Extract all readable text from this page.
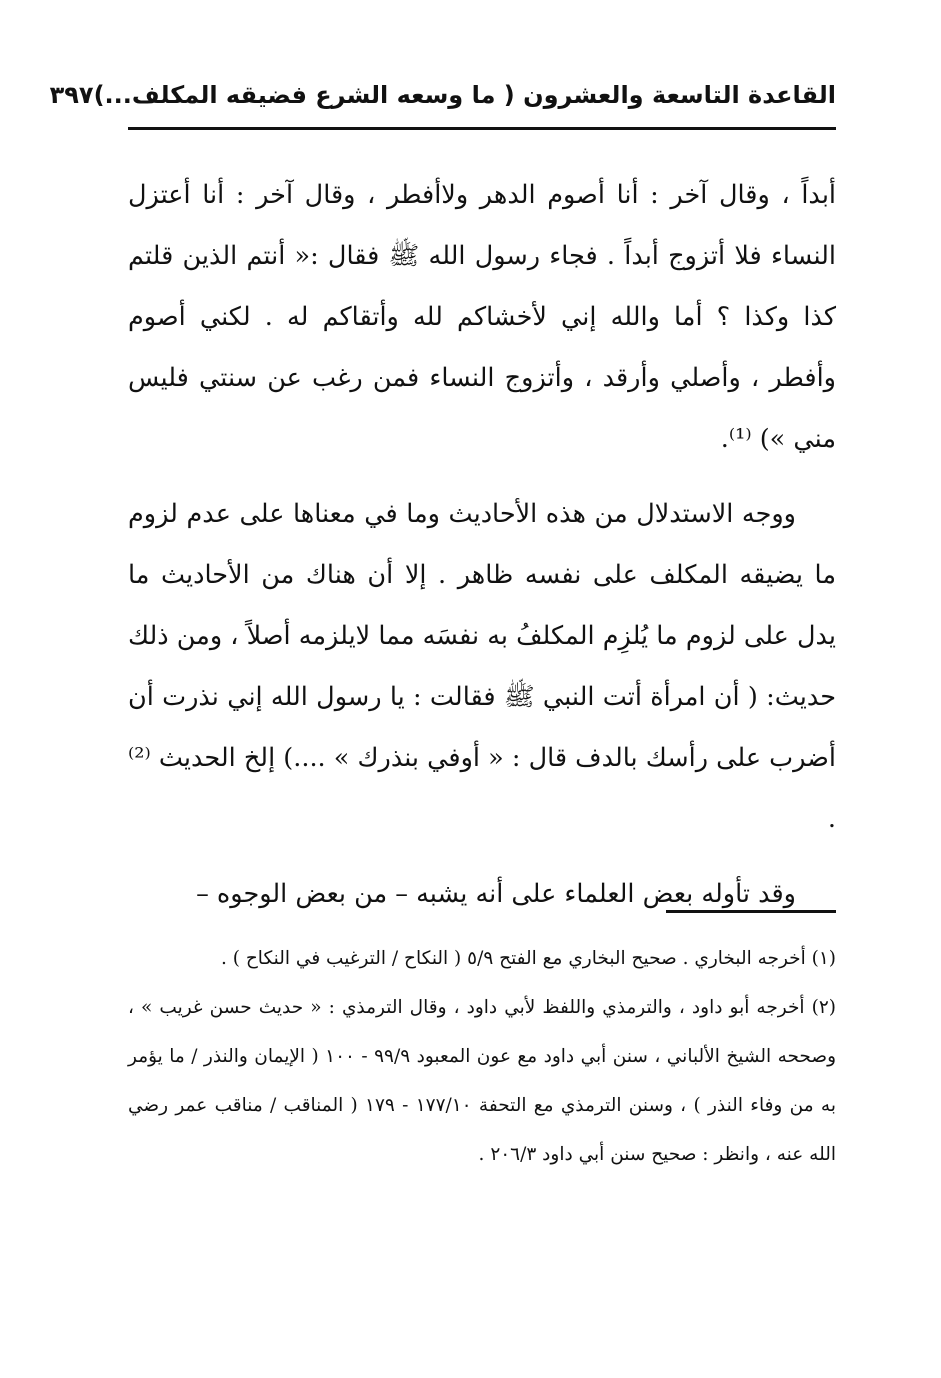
القاعدة التاسعة والعشرون ( ما وسعه الشرع فضيقه المكلف...)
٣٩٧

أبداً ، وقال آخر : أنا أصوم الدهر ولاأفطر ، وقال آخر : أنا أعتزل النساء فلا أتزوج أبداً . فجاء رسول الله ﷺ فقال :« أنتم الذين قلتم كذا وكذا ؟ أما والله إني لأخشاكم لله وأتقاكم له . لكني أصوم وأفطر ، وأصلي وأرقد ، وأتزوج النساء فمن رغب عن سنتي فليس مني ») ⁽¹⁾.

ووجه الاستدلال من هذه الأحاديث وما في معناها على عدم لزوم ما يضيقه المكلف على نفسه ظاهر . إلا أن هناك من الأحاديث ما يدل على لزوم ما يُلزِم المكلفُ به نفسَه مما لايلزمه أصلاً ، ومن ذلك حديث: ( أن امرأة أتت النبي ﷺ فقالت : يا رسول الله إني نذرت أن أضرب على رأسك بالدف قال : « أوفي بنذرك » ....) إلخ الحديث ⁽²⁾ .

وقد تأوله بعض العلماء على أنه يشبه – من بعض الوجوه –

(١) أخرجه البخاري . صحيح البخاري مع الفتح ٥/٩ ( النكاح / الترغيب في النكاح ) .

(٢) أخرجه أبو داود ، والترمذي واللفظ لأبي داود ، وقال الترمذي : « حديث حسن غريب » ، وصححه الشيخ الألباني ، سنن أبي داود مع عون المعبود ٩٩/٩ - ١٠٠ ( الإيمان والنذر / ما يؤمر به من وفاء النذر ) ، وسنن الترمذي مع التحفة ١٧٧/١٠ - ١٧٩ ( المناقب / مناقب عمر رضي الله عنه ، وانظر : صحيح سنن أبي داود ٢٠٦/٣ .
